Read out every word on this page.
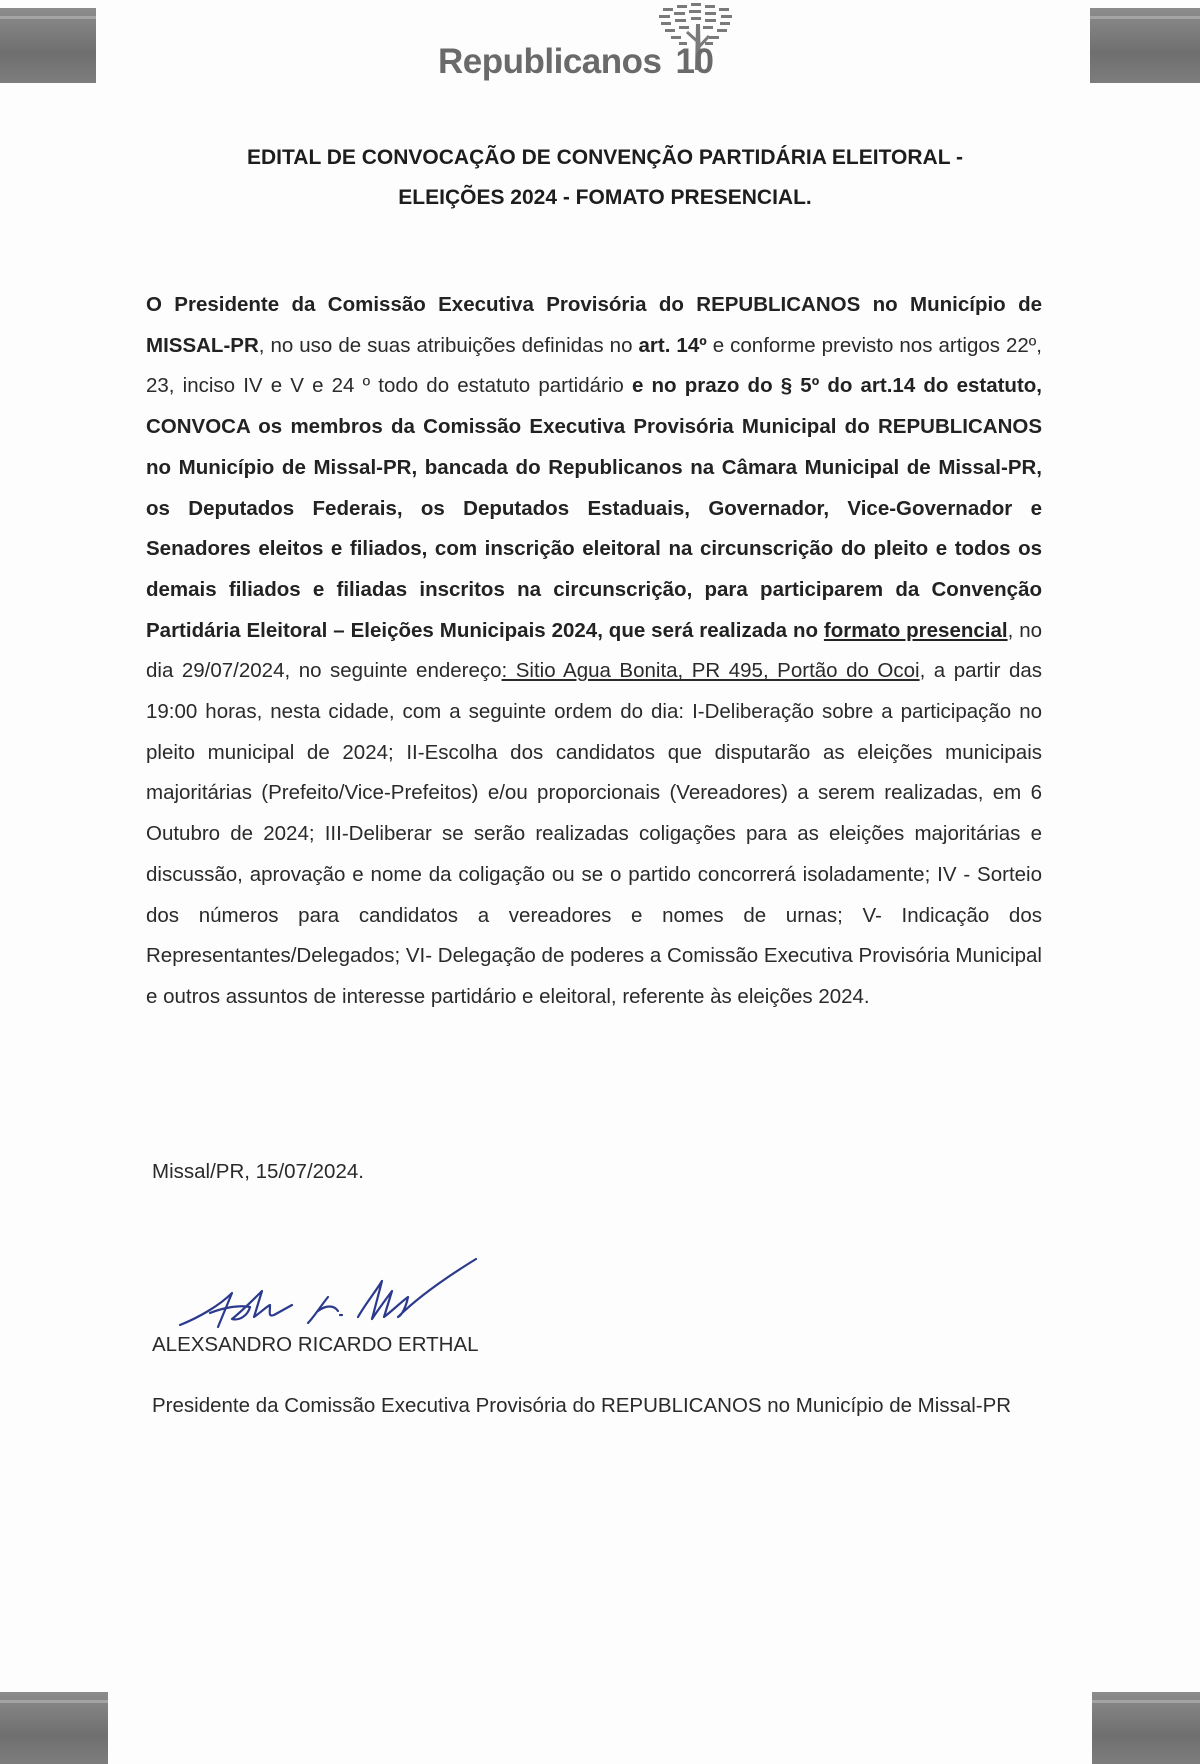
Republicanos 10
EDITAL DE CONVOCAÇÃO DE CONVENÇÃO PARTIDÁRIA ELEITORAL -
ELEIÇÕES 2024 - FOMATO PRESENCIAL.

O Presidente da Comissão Executiva Provisória do REPUBLICANOS no Município de MISSAL-PR, no uso de suas atribuições definidas no art. 14º e conforme previsto nos artigos 22º, 23, inciso IV e V e 24 º todo do estatuto partidário e no prazo do § 5º do art.14 do estatuto, CONVOCA os membros da Comissão Executiva Provisória Municipal do REPUBLICANOS no Município de Missal-PR, bancada do Republicanos na Câmara Municipal de Missal-PR, os Deputados Federais, os Deputados Estaduais, Governador, Vice-Governador e Senadores eleitos e filiados, com inscrição eleitoral na circunscrição do pleito e todos os demais filiados e filiadas inscritos na circunscrição, para participarem da Convenção Partidária Eleitoral – Eleições Municipais 2024, que será realizada no formato presencial, no dia 29/07/2024, no seguinte endereço: Sitio Agua Bonita, PR 495, Portão do Ocoi, a partir das 19:00 horas, nesta cidade, com a seguinte ordem do dia: I-Deliberação sobre a participação no pleito municipal de 2024; II-Escolha dos candidatos que disputarão as eleições municipais majoritárias (Prefeito/Vice-Prefeitos) e/ou proporcionais (Vereadores) a serem realizadas, em 6 Outubro de 2024; III-Deliberar se serão realizadas coligações para as eleições majoritárias e discussão, aprovação e nome da coligação ou se o partido concorrerá isoladamente; IV - Sorteio dos números para candidatos a vereadores e nomes de urnas; V- Indicação dos Representantes/Delegados; VI- Delegação de poderes a Comissão Executiva Provisória Municipal e outros assuntos de interesse partidário e eleitoral, referente às eleições 2024.

Missal/PR, 15/07/2024.

ALEXSANDRO RICARDO ERTHAL

Presidente da Comissão Executiva Provisória do REPUBLICANOS no Município de Missal-PR
